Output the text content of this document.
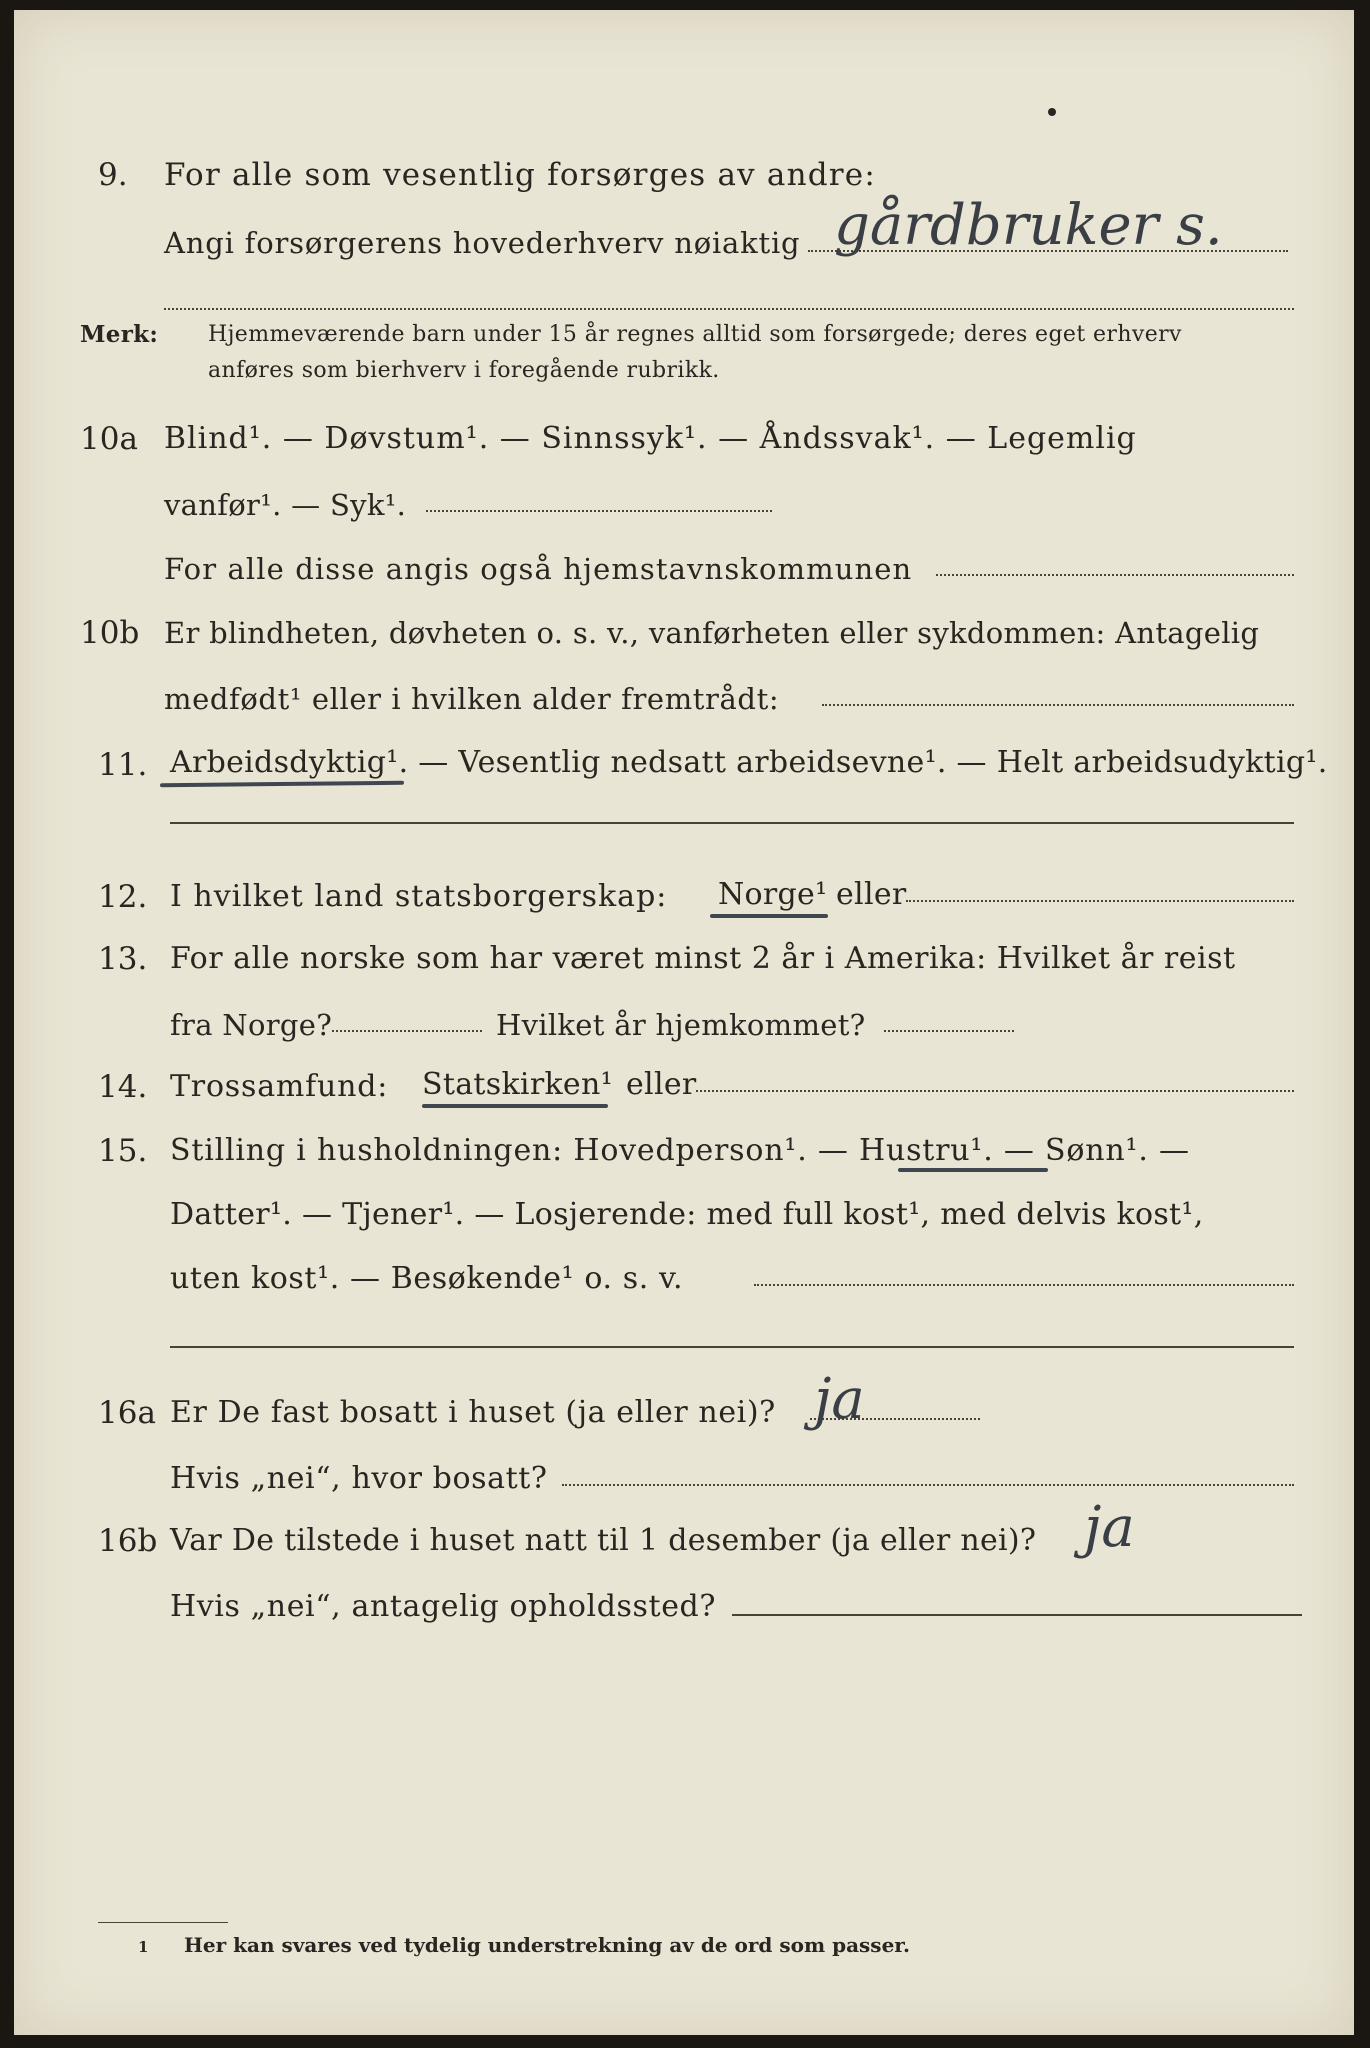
9. For alle som vesentlig forsørges av andre:
Angi forsørgerens hovederhverv nøiaktig gårdbruker s.
Merk: Hjemmeværende barn under 15 år regnes alltid som forsørgede; deres eget erhverv
anføres som bierhverv i foregående rubrikk.
10a Blind¹. — Døvstum¹. — Sinnssyk¹. — Åndssvak¹. — Legemlig
vanfør¹. — Syk¹.
For alle disse angis også hjemstavnskommunen
10b Er blindheten, døvheten o. s. v., vanførheten eller sykdommen: Antagelig
medfødt¹ eller i hvilken alder fremtrådt:
11. Arbeidsdyktig¹. — Vesentlig nedsatt arbeidsevne¹. — Helt arbeidsudyktig¹.
12. I hvilket land statsborgerskap: Norge¹ eller
13. For alle norske som har været minst 2 år i Amerika: Hvilket år reist
fra Norge?	Hvilket år hjemkommet?
14. Trossamfund: Statskirken¹ eller
15. Stilling i husholdningen: Hovedperson¹. — Hustru¹. — Sønn¹. —
Datter¹. — Tjener¹. — Losjerende: med full kost¹, med delvis kost¹,
uten kost¹. — Besøkende¹ o. s. v.
16a Er De fast bosatt i huset (ja eller nei)? ja
Hvis „nei“, hvor bosatt?
16b Var De tilstede i huset natt til 1 desember (ja eller nei)? ja
Hvis „nei“, antagelig opholdssted?
1 Her kan svares ved tydelig understrekning av de ord som passer.
